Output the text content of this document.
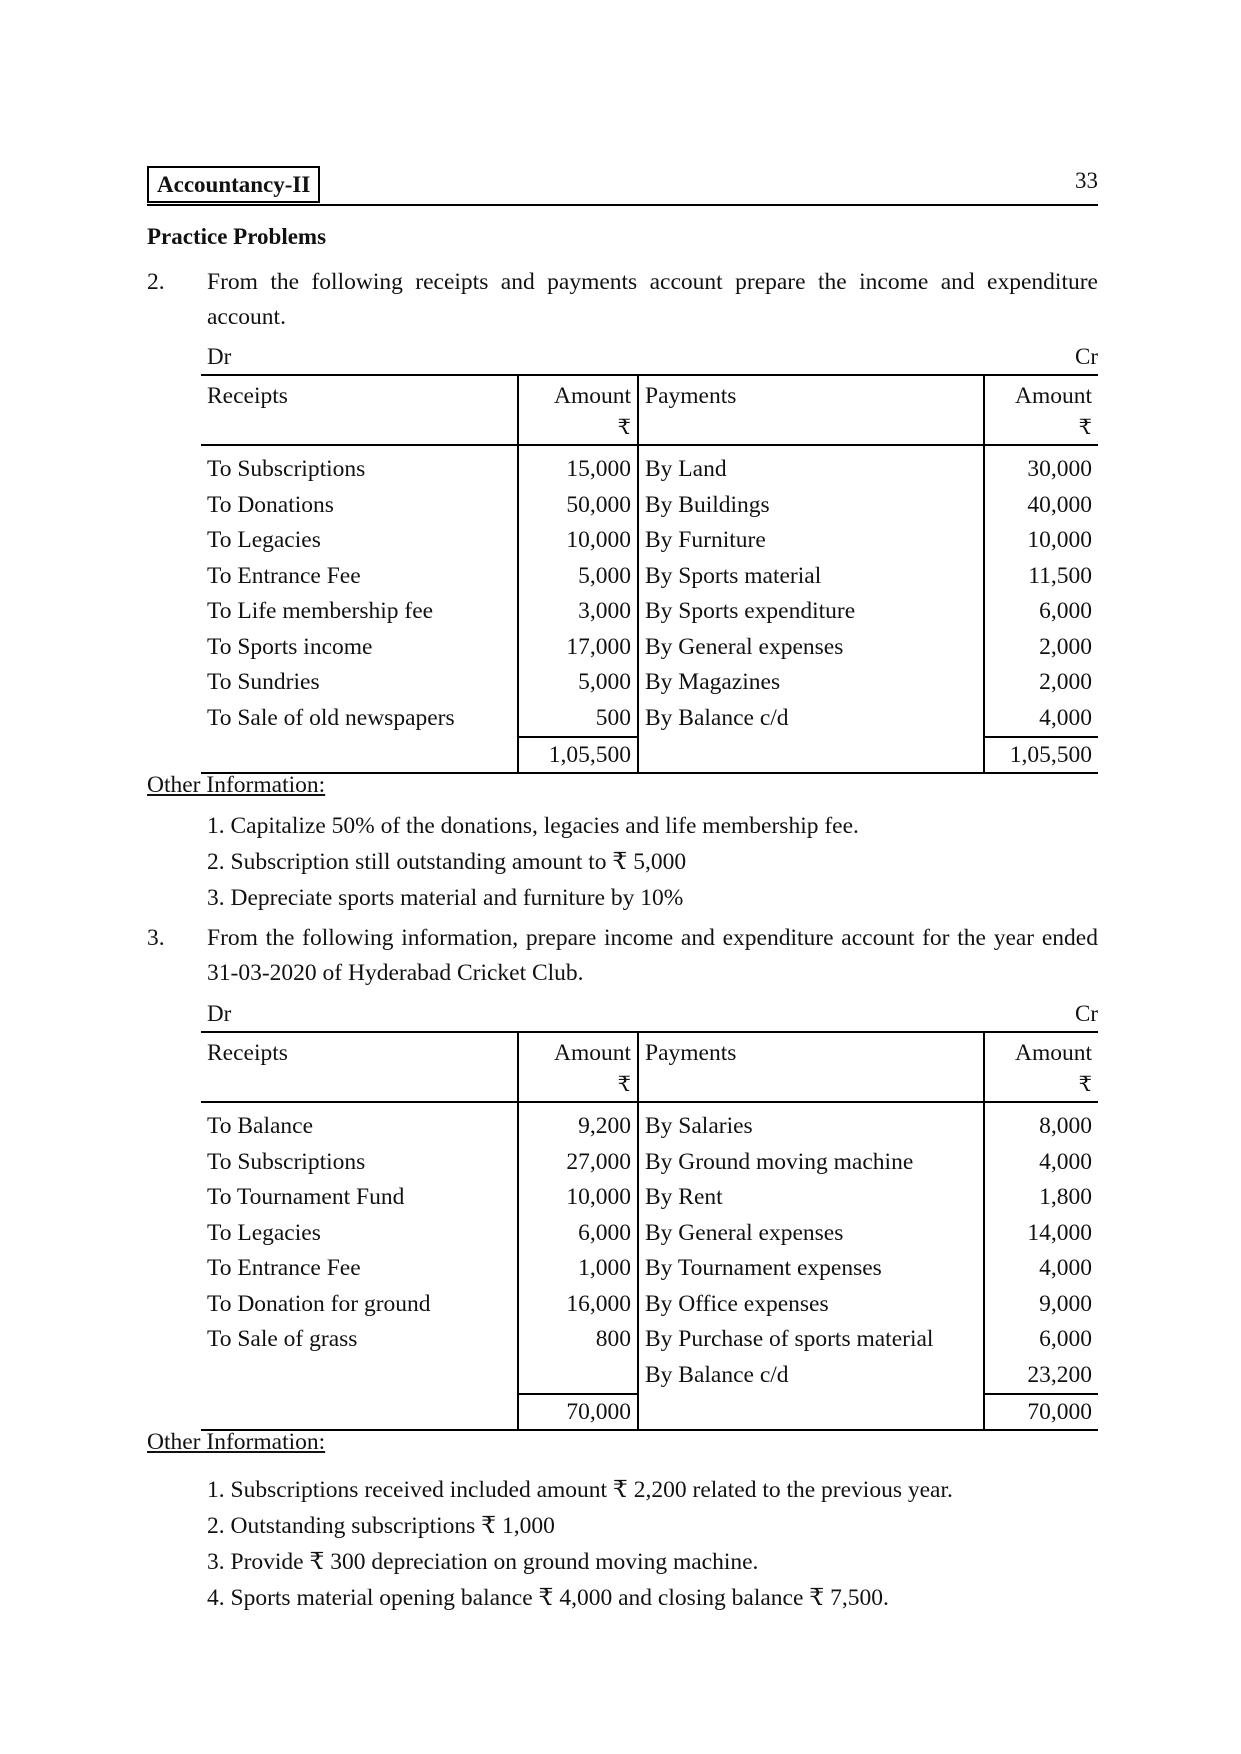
Accountancy-II	33
Practice Problems
2. From the following receipts and payments account prepare the income and expenditure account.
Dr	Cr
Receipts	Amount	Payments	Amount
	₹		₹
To Subscriptions	15,000	By Land	30,000
To Donations	50,000	By Buildings	40,000
To Legacies	10,000	By Furniture	10,000
To Entrance Fee	5,000	By Sports material	11,500
To Life membership fee	3,000	By Sports expenditure	6,000
To Sports income	17,000	By General expenses	2,000
To Sundries	5,000	By Magazines	2,000
To Sale of old newspapers	500	By Balance c/d	4,000
	1,05,500		1,05,500
Other Information:
1. Capitalize 50% of the donations, legacies and life membership fee.
2. Subscription still outstanding amount to ₹ 5,000
3. Depreciate sports material and furniture by 10%
3. From the following information, prepare income and expenditure account for the year ended 31-03-2020 of Hyderabad Cricket Club.
Dr	Cr
Receipts	Amount	Payments	Amount
	₹		₹
To Balance	9,200	By Salaries	8,000
To Subscriptions	27,000	By Ground moving machine	4,000
To Tournament Fund	10,000	By Rent	1,800
To Legacies	6,000	By General expenses	14,000
To Entrance Fee	1,000	By Tournament expenses	4,000
To Donation for ground	16,000	By Office expenses	9,000
To Sale of grass	800	By Purchase of sports material	6,000
		By Balance c/d	23,200
	70,000		70,000
Other Information:
1. Subscriptions received included amount ₹ 2,200 related to the previous year.
2. Outstanding subscriptions ₹ 1,000
3. Provide ₹ 300 depreciation on ground moving machine.
4. Sports material opening balance ₹ 4,000 and closing balance ₹ 7,500.
